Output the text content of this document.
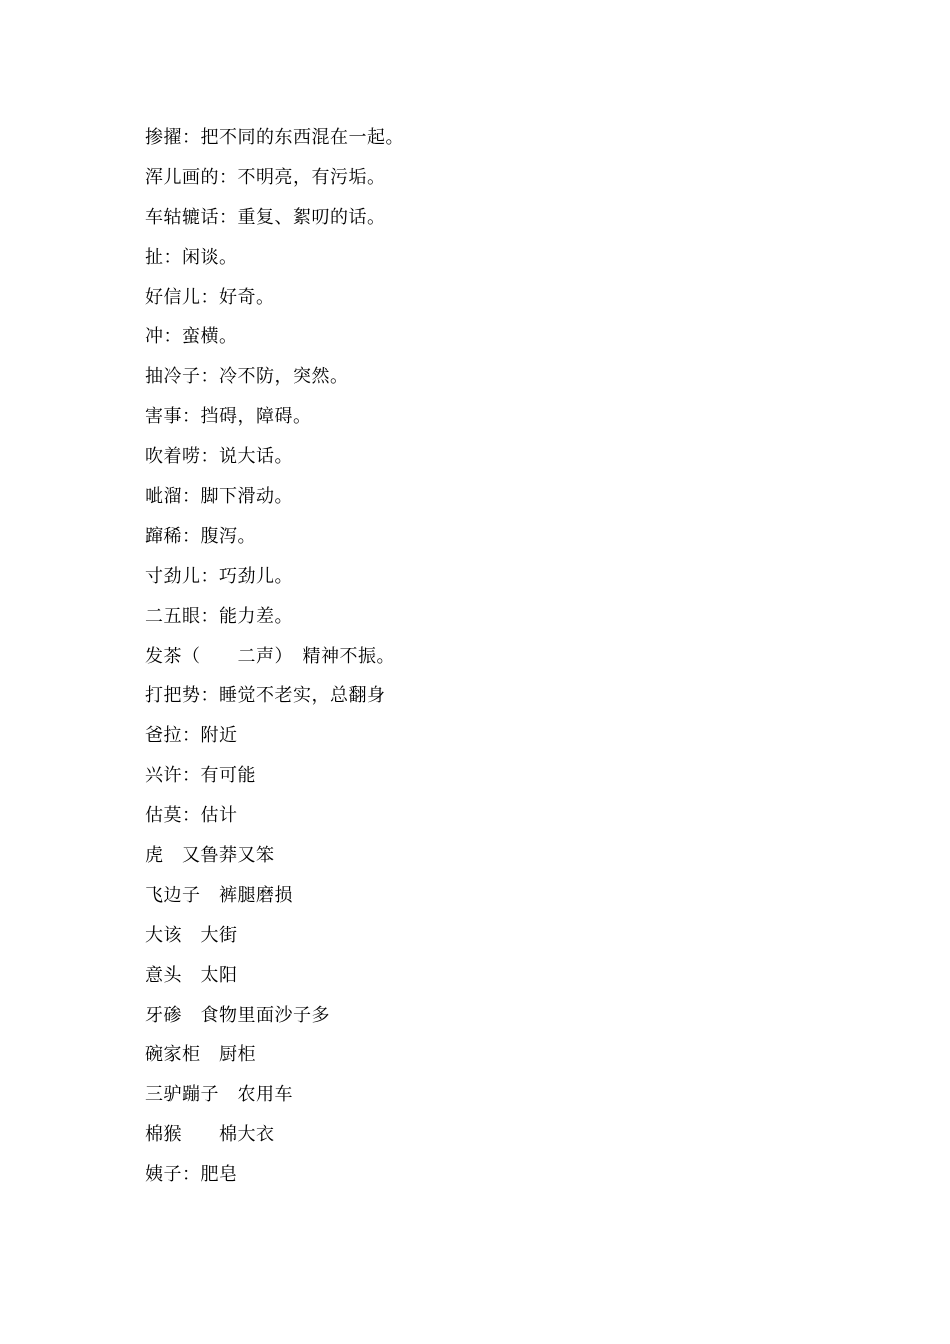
掺擢：把不同的东西混在一起。
浑儿画的：不明亮，有污垢。
车轱辘话：重复、絮叨的话。
扯：闲谈。
好信儿：好奇。
冲：蛮横。
抽冷子：冷不防，突然。
害事：挡碍，障碍。
吹着唠：说大话。
呲溜：脚下滑动。
蹿稀：腹泻。
寸劲儿：巧劲儿。
二五眼：能力差。
发茶（　　二声）　精神不振。
打把势：睡觉不老实，总翻身
爸拉：附近
兴许：有可能
估莫：估计
虎　又鲁莽又笨
飞边子　裤腿磨损
大该　大街
意头　太阳
牙碜　食物里面沙子多
碗家柜　厨柜
三驴蹦子　农用车
棉猴　　棉大衣
姨子：肥皂
